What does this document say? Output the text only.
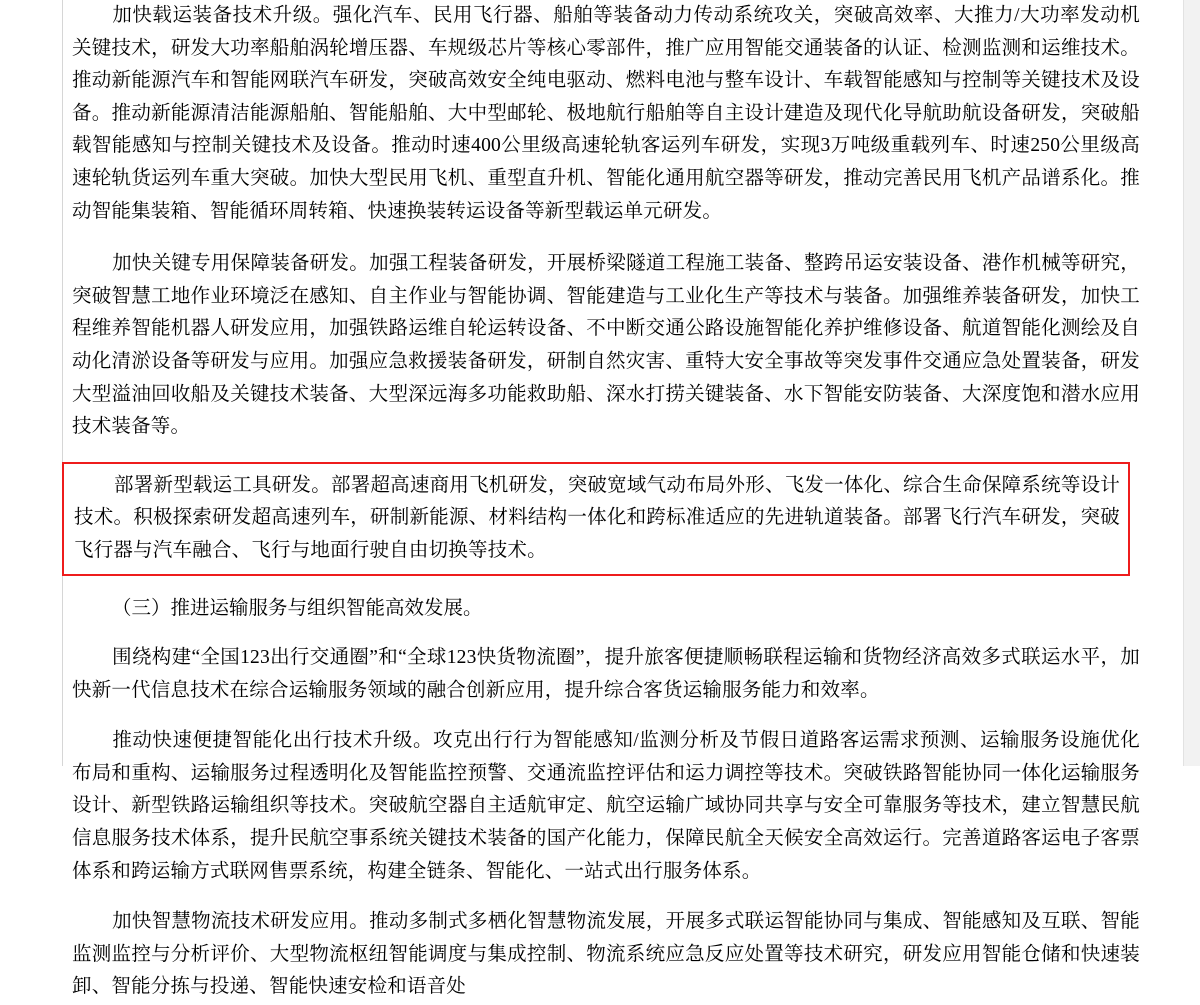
加快载运装备技术升级。强化汽车、民用飞行器、船舶等装备动力传动系统攻关，突破高效率、大推力/大功率发动机关键技术，研发大功率船舶涡轮增压器、车规级芯片等核心零部件，推广应用智能交通装备的认证、检测监测和运维技术。推动新能源汽车和智能网联汽车研发，突破高效安全纯电驱动、燃料电池与整车设计、车载智能感知与控制等关键技术及设备。推动新能源清洁能源船舶、智能船舶、大中型邮轮、极地航行船舶等自主设计建造及现代化导航助航设备研发，突破船载智能感知与控制关键技术及设备。推动时速400公里级高速轮轨客运列车研发，实现3万吨级重载列车、时速250公里级高速轮轨货运列车重大突破。加快大型民用飞机、重型直升机、智能化通用航空器等研发，推动完善民用飞机产品谱系化。推动智能集装箱、智能循环周转箱、快速换装转运设备等新型载运单元研发。

加快关键专用保障装备研发。加强工程装备研发，开展桥梁隧道工程施工装备、整跨吊运安装设备、港作机械等研究，突破智慧工地作业环境泛在感知、自主作业与智能协调、智能建造与工业化生产等技术与装备。加强维养装备研发，加快工程维养智能机器人研发应用，加强铁路运维自轮运转设备、不中断交通公路设施智能化养护维修设备、航道智能化测绘及自动化清淤设备等研发与应用。加强应急救援装备研发，研制自然灾害、重特大安全事故等突发事件交通应急处置装备，研发大型溢油回收船及关键技术装备、大型深远海多功能救助船、深水打捞关键装备、水下智能安防装备、大深度饱和潜水应用技术装备等。

部署新型载运工具研发。部署超高速商用飞机研发，突破宽域气动布局外形、飞发一体化、综合生命保障系统等设计技术。积极探索研发超高速列车，研制新能源、材料结构一体化和跨标准适应的先进轨道装备。部署飞行汽车研发，突破飞行器与汽车融合、飞行与地面行驶自由切换等技术。

（三）推进运输服务与组织智能高效发展。

围绕构建“全国123出行交通圈”和“全球123快货物流圈”，提升旅客便捷顺畅联程运输和货物经济高效多式联运水平，加快新一代信息技术在综合运输服务领域的融合创新应用，提升综合客货运输服务能力和效率。

推动快速便捷智能化出行技术升级。攻克出行行为智能感知/监测分析及节假日道路客运需求预测、运输服务设施优化布局和重构、运输服务过程透明化及智能监控预警、交通流监控评估和运力调控等技术。突破铁路智能协同一体化运输服务设计、新型铁路运输组织等技术。突破航空器自主适航审定、航空运输广域协同共享与安全可靠服务等技术，建立智慧民航信息服务技术体系，提升民航空事系统关键技术装备的国产化能力，保障民航全天候安全高效运行。完善道路客运电子客票体系和跨运输方式联网售票系统，构建全链条、智能化、一站式出行服务体系。

加快智慧物流技术研发应用。推动多制式多栖化智慧物流发展，开展多式联运智能协同与集成、智能感知及互联、智能监测监控与分析评价、大型物流枢纽智能调度与集成控制、物流系统应急反应处置等技术研究，研发应用智能仓储和快速装卸、智能分拣与投递、智能快速安检和语音处
